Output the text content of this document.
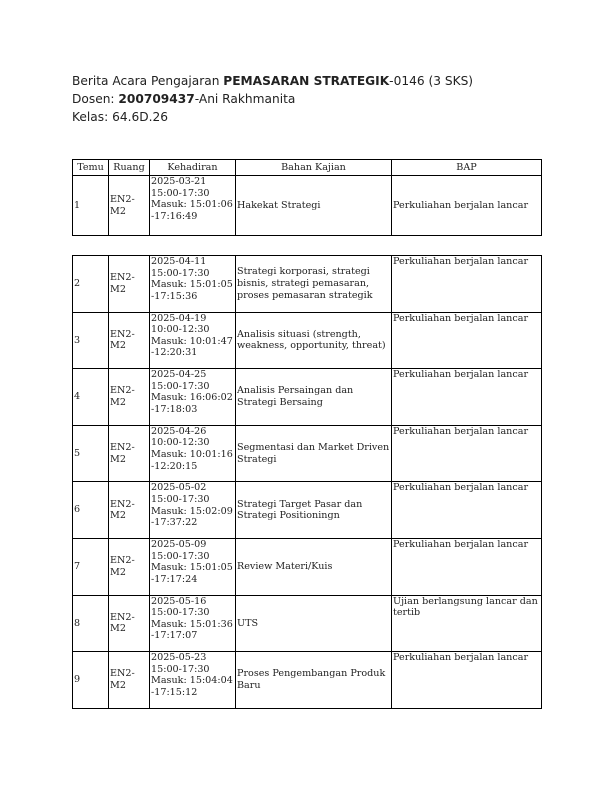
Berita Acara Pengajaran PEMASARAN STRATEGIK-0146 (3 SKS)
Dosen: 200709437-Ani Rakhmanita
Kelas: 64.6D.26
Temu	Ruang	Kehadiran	Bahan Kajian	BAP
1	EN2-M2	2025-03-21
15:00-17:30
Masuk: 15:01:06
-17:16:49	Hakekat Strategi	Perkuliahan berjalan lancar
2	EN2-M2	2025-04-11
15:00-17:30
Masuk: 15:01:05
-17:15:36	Strategi korporasi, strategi bisnis, strategi pemasaran, proses pemasaran strategik	Perkuliahan berjalan lancar
3	EN2-M2	2025-04-19
10:00-12:30
Masuk: 10:01:47
-12:20:31	Analisis situasi (strength, weakness, opportunity, threat)	Perkuliahan berjalan lancar
4	EN2-M2	2025-04-25
15:00-17:30
Masuk: 16:06:02
-17:18:03	Analisis Persaingan dan Strategi Bersaing	Perkuliahan berjalan lancar
5	EN2-M2	2025-04-26
10:00-12:30
Masuk: 10:01:16
-12:20:15	Segmentasi dan Market Driven Strategi	Perkuliahan berjalan lancar
6	EN2-M2	2025-05-02
15:00-17:30
Masuk: 15:02:09
-17:37:22	Strategi Target Pasar dan Strategi Positioningn	Perkuliahan berjalan lancar
7	EN2-M2	2025-05-09
15:00-17:30
Masuk: 15:01:05
-17:17:24	Review Materi/Kuis	Perkuliahan berjalan lancar
8	EN2-M2	2025-05-16
15:00-17:30
Masuk: 15:01:36
-17:17:07	UTS	Ujian berlangsung lancar dan tertib
9	EN2-M2	2025-05-23
15:00-17:30
Masuk: 15:04:04
-17:15:12	Proses Pengembangan Produk Baru	Perkuliahan berjalan lancar
